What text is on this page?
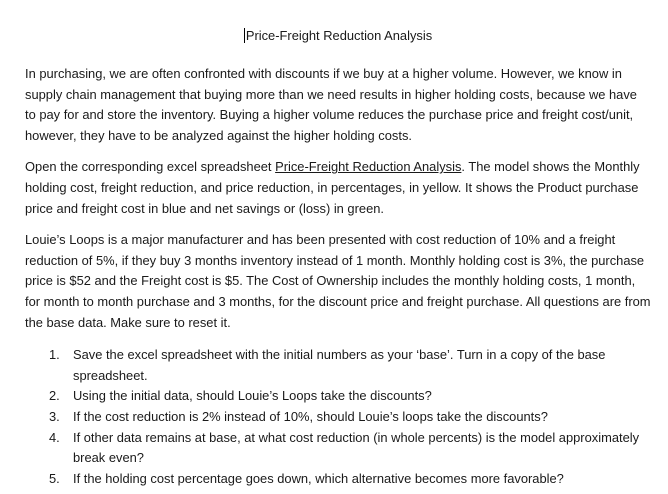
Price-Freight Reduction Analysis

In purchasing, we are often confronted with discounts if we buy at a higher volume. However, we know in supply chain management that buying more than we need results in higher holding costs, because we have to pay for and store the inventory. Buying a higher volume reduces the purchase price and freight cost/unit, however, they have to be analyzed against the higher holding costs.

Open the corresponding excel spreadsheet Price-Freight Reduction Analysis. The model shows the Monthly holding cost, freight reduction, and price reduction, in percentages, in yellow. It shows the Product purchase price and freight cost in blue and net savings or (loss) in green.

Louie’s Loops is a major manufacturer and has been presented with cost reduction of 10% and a freight reduction of 5%, if they buy 3 months inventory instead of 1 month. Monthly holding cost is 3%, the purchase price is $52 and the Freight cost is $5. The Cost of Ownership includes the monthly holding costs, 1 month, for month to month purchase and 3 months, for the discount price and freight purchase. All questions are from the base data. Make sure to reset it.

1. Save the excel spreadsheet with the initial numbers as your ‘base’. Turn in a copy of the base spreadsheet.
2. Using the initial data, should Louie’s Loops take the discounts?
3. If the cost reduction is 2% instead of 10%, should Louie’s loops take the discounts?
4. If other data remains at base, at what cost reduction (in whole percents) is the model approximately break even?
5. If the holding cost percentage goes down, which alternative becomes more favorable?
